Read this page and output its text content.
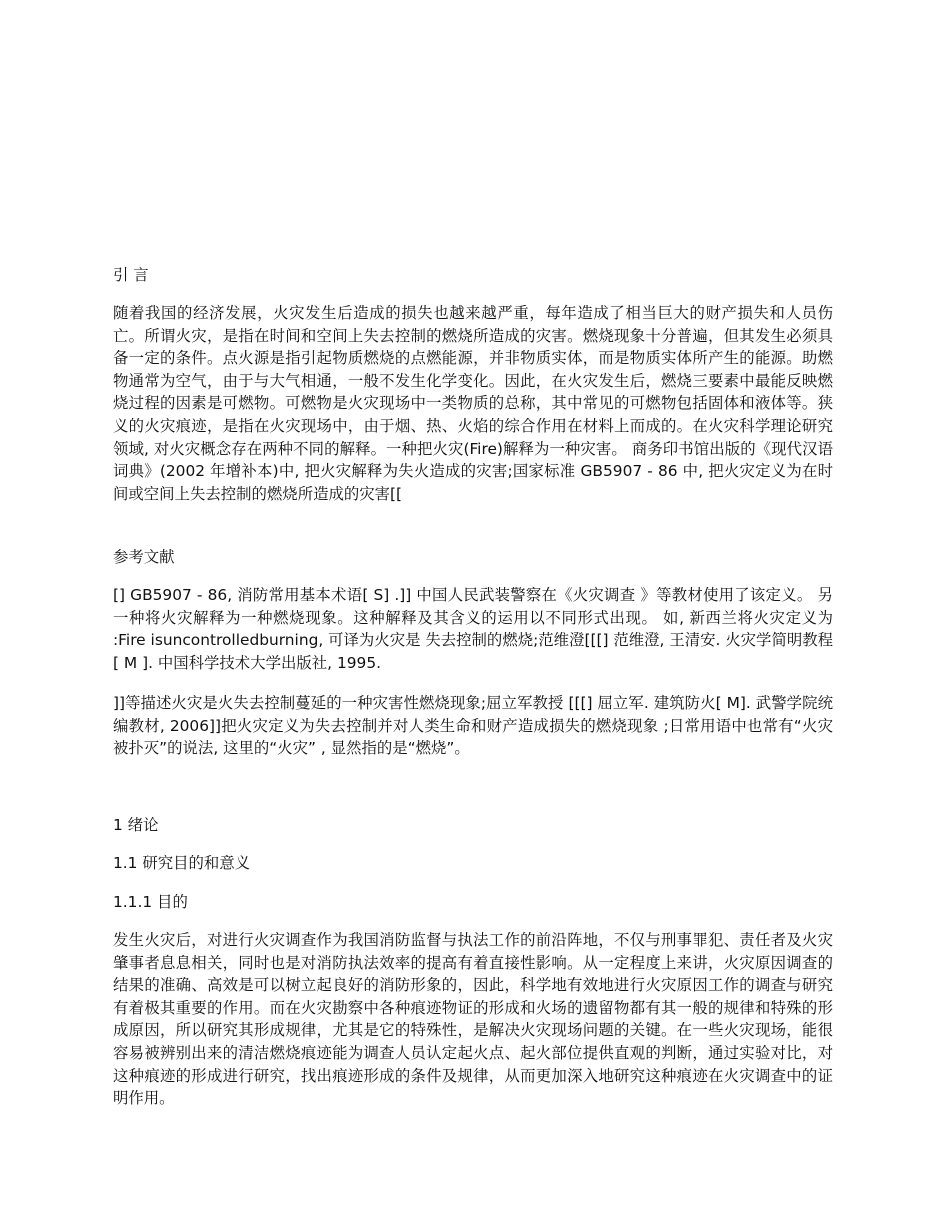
引 言

随着我国的经济发展，火灾发生后造成的损失也越来越严重，每年造成了相当巨大的财产损失和人员伤亡。所谓火灾，是指在时间和空间上失去控制的燃烧所造成的灾害。燃烧现象十分普遍，但其发生必须具备一定的条件。点火源是指引起物质燃烧的点燃能源，并非物质实体，而是物质实体所产生的能源。助燃物通常为空气，由于与大气相通，一般不发生化学变化。因此，在火灾发生后，燃烧三要素中最能反映燃烧过程的因素是可燃物。可燃物是火灾现场中一类物质的总称，其中常见的可燃物包括固体和液体等。狭义的火灾痕迹，是指在火灾现场中，由于烟、热、火焰的综合作用在材料上而成的。在火灾科学理论研究领域, 对火灾概念存在两种不同的解释。一种把火灾(Fire)解释为一种灾害。 商务印书馆出版的《现代汉语词典》(2002 年增补本)中, 把火灾解释为失火造成的灾害;国家标准 GB5907 - 86 中, 把火灾定义为在时间或空间上失去控制的燃烧所造成的灾害[[

参考文献

[] GB5907 - 86, 消防常用基本术语[ S] .]] 中国人民武装警察在《火灾调查 》等教材使用了该定义。 另一种将火灾解释为一种燃烧现象。这种解释及其含义的运用以不同形式出现。 如, 新西兰将火灾定义为 :Fire isuncontrolledburning, 可译为火灾是 失去控制的燃烧;范维澄[[[] 范维澄, 王清安. 火灾学简明教程[ M ]. 中国科学技术大学出版社, 1995.

]]等描述火灾是火失去控制蔓延的一种灾害性燃烧现象;屈立军教授 [[[] 屈立军. 建筑防火[ M]. 武警学院统编教材, 2006]]把火灾定义为失去控制并对人类生命和财产造成损失的燃烧现象 ;日常用语中也常有“火灾被扑灭”的说法, 这里的“火灾” , 显然指的是“燃烧”。

1 绪论

1.1 研究目的和意义

1.1.1 目的

发生火灾后，对进行火灾调查作为我国消防监督与执法工作的前沿阵地，不仅与刑事罪犯、责任者及火灾肇事者息息相关，同时也是对消防执法效率的提高有着直接性影响。从一定程度上来讲，火灾原因调查的结果的准确、高效是可以树立起良好的消防形象的，因此，科学地有效地进行火灾原因工作的调查与研究有着极其重要的作用。而在火灾勘察中各种痕迹物证的形成和火场的遗留物都有其一般的规律和特殊的形成原因，所以研究其形成规律，尤其是它的特殊性，是解决火灾现场问题的关键。在一些火灾现场，能很容易被辨别出来的清洁燃烧痕迹能为调查人员认定起火点、起火部位提供直观的判断，通过实验对比，对这种痕迹的形成进行研究，找出痕迹形成的条件及规律，从而更加深入地研究这种痕迹在火灾调查中的证明作用。
